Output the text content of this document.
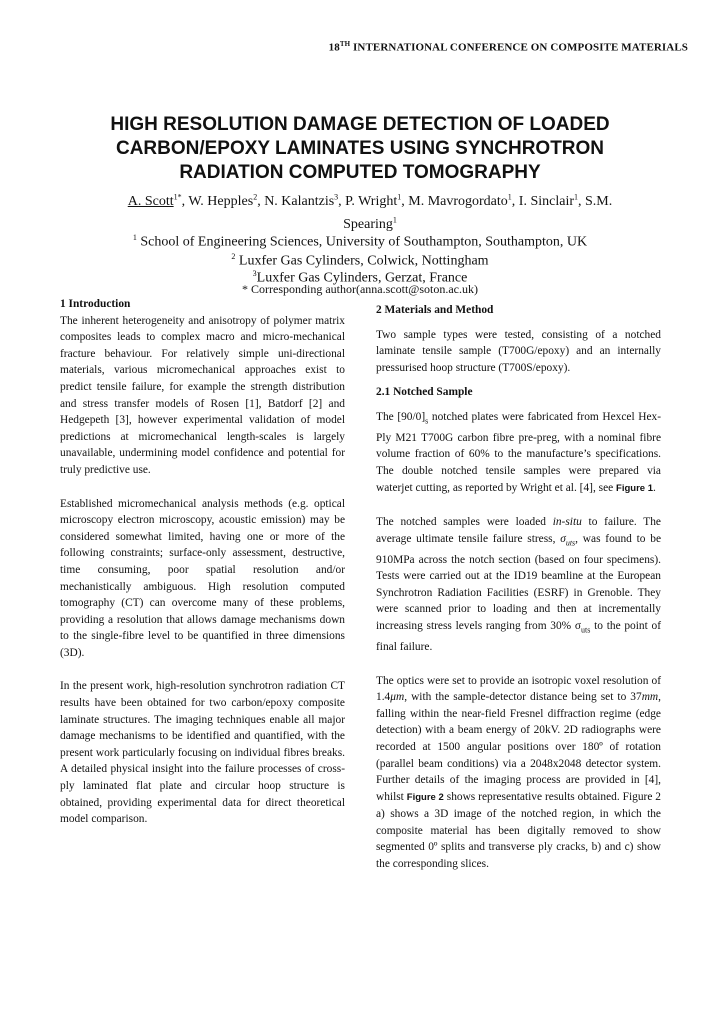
18TH INTERNATIONAL CONFERENCE ON COMPOSITE MATERIALS
HIGH RESOLUTION DAMAGE DETECTION OF LOADED
CARBON/EPOXY LAMINATES USING SYNCHROTRON
RADIATION COMPUTED TOMOGRAPHY
A. Scott$^{1*}$, W. Hepples$^2$, N. Kalantzis$^3$, P. Wright$^1$, M. Mavrogordato$^1$, I. Sinclair$^1$, S.M. Spearing$^1$
$^1$ School of Engineering Sciences, University of Southampton, Southampton, UK
$^2$ Luxfer Gas Cylinders, Colwick, Nottingham
$^3$Luxfer Gas Cylinders, Gerzat, France
* Corresponding author(anna.scott@soton.ac.uk)
1 Introduction

The inherent heterogeneity and anisotropy of polymer matrix composites leads to complex macro and micro-mechanical fracture behaviour. For relatively simple uni-directional materials, various micromechanical approaches exist to predict tensile failure, for example the strength distribution and stress transfer models of Rosen [1], Batdorf [2] and Hedgepeth [3], however experimental validation of model predictions at micromechanical length-scales is largely unavailable, undermining model confidence and potential for truly predictive use.

Established micromechanical analysis methods (e.g. optical microscopy electron microscopy, acoustic emission) may be considered somewhat limited, having one or more of the following constraints; surface-only assessment, destructive, time consuming, poor spatial resolution and/or mechanistically ambiguous. High resolution computed tomography (CT) can overcome many of these problems, providing a resolution that allows damage mechanisms down to the single-fibre level to be quantified in three dimensions (3D).

In the present work, high-resolution synchrotron radiation CT results have been obtained for two carbon/epoxy composite laminate structures. The imaging techniques enable all major damage mechanisms to be identified and quantified, with the present work particularly focusing on individual fibres breaks. A detailed physical insight into the failure processes of cross-ply laminated flat plate and circular hoop structure is obtained, providing experimental data for direct theoretical model comparison.

2 Materials and Method

Two sample types were tested, consisting of a notched laminate tensile sample (T700G/epoxy) and an internally pressurised hoop structure (T700S/epoxy).

2.1 Notched Sample

The $[90/0]_s$ notched plates were fabricated from Hexcel Hex-Ply M21 T700G carbon fibre pre-preg, with a nominal fibre volume fraction of 60% to the manufacture’s specifications. The double notched tensile samples were prepared via waterjet cutting, as reported by Wright et al. [4], see Figure 1.

The notched samples were loaded in-situ to failure. The average ultimate tensile failure stress, $\sigma_{uts}$, was found to be 910MPa across the notch section (based on four specimens). Tests were carried out at the ID19 beamline at the European Synchrotron Radiation Facilities (ESRF) in Grenoble. They were scanned prior to loading and then at incrementally increasing stress levels ranging from 30% $\sigma_{uts}$ to the point of final failure.

The optics were set to provide an isotropic voxel resolution of 1.4μm, with the sample-detector distance being set to 37mm, falling within the near-field Fresnel diffraction regime (edge detection) with a beam energy of 20kV. 2D radiographs were recorded at 1500 angular positions over 180º of rotation (parallel beam conditions) via a 2048x2048 detector system. Further details of the imaging process are provided in [4], whilst Figure 2 shows representative results obtained. Figure 2 a) shows a 3D image of the notched region, in which the composite material has been digitally removed to show segmented 0º splits and transverse ply cracks, b) and c) show the corresponding slices.
